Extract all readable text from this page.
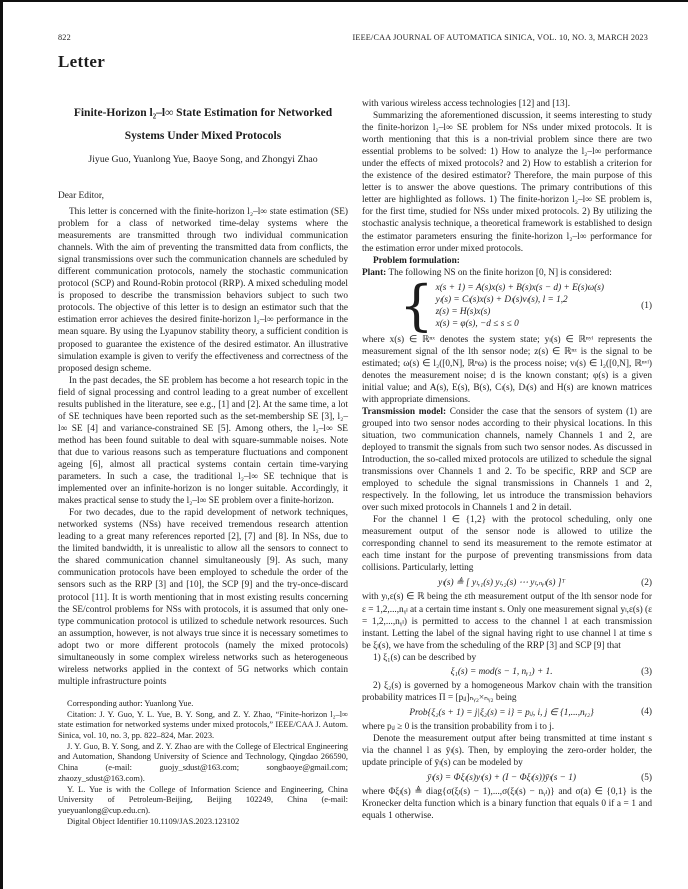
822	IEEE/CAA JOURNAL OF AUTOMATICA SINICA, VOL. 10, NO. 3, MARCH 2023
Letter
Finite-Horizon l₂–l∞ State Estimation for Networked
Systems Under Mixed Protocols
Jiyue Guo, Yuanlong Yue, Baoye Song, and Zhongyi Zhao
Dear Editor,

This letter is concerned with the finite-horizon l₂–l∞ state estimation (SE) problem for a class of networked time-delay systems where the measurements are transmitted through two individual communication channels. With the aim of preventing the transmitted data from conflicts, the signal transmissions over such the communication channels are scheduled by different communication protocols, namely the stochastic communication protocol (SCP) and Round-Robin protocol (RRP). A mixed scheduling model is proposed to describe the transmission behaviors subject to such two protocols. The objective of this letter is to design an estimator such that the estimation error achieves the desired finite-horizon l₂–l∞ performance in the mean square. By using the Lyapunov stability theory, a sufficient condition is proposed to guarantee the existence of the desired estimator. An illustrative simulation example is given to verify the effectiveness and correctness of the proposed design scheme.

In the past decades, the SE problem has become a hot research topic in the field of signal processing and control leading to a great number of excellent results published in the literature, see e.g., [1] and [2]. At the same time, a lot of SE techniques have been reported such as the set-membership SE [3], l₂–l∞ SE [4] and variance-constrained SE [5]. Among others, the l₂–l∞ SE method has been found suitable to deal with square-summable noises. Note that due to various reasons such as temperature fluctuations and component ageing [6], almost all practical systems contain certain time-varying parameters. In such a case, the traditional l₂–l∞ SE technique that is implemented over an infinite-horizon is no longer suitable. Accordingly, it makes practical sense to study the l₂–l∞ SE problem over a finite-horizon.

For two decades, due to the rapid development of network techniques, networked systems (NSs) have received tremendous research attention leading to a great many references reported [2], [7] and [8]. In NSs, due to the limited bandwidth, it is unrealistic to allow all the sensors to connect to the shared communication channel simultaneously [9]. As such, many communication protocols have been employed to schedule the order of the sensors such as the RRP [3] and [10], the SCP [9] and the try-once-discard protocol [11]. It is worth mentioning that in most existing results concerning the SE/control problems for NSs with protocols, it is assumed that only one-type communication protocol is utilized to schedule network resources. Such an assumption, however, is not always true since it is necessary sometimes to adopt two or more different protocols (namely the mixed protocols) simultaneously in some complex wireless networks such as heterogeneous wireless networks applied in the context of 5G networks which contain multiple infrastructure points

Corresponding author: Yuanlong Yue.

Citation: J. Y. Guo, Y. L. Yue, B. Y. Song, and Z. Y. Zhao, “Finite-horizon l₂–l∞ state estimation for networked systems under mixed protocols,” IEEE/CAA J. Autom. Sinica, vol. 10, no. 3, pp. 822–824, Mar. 2023.

J. Y. Guo, B. Y. Song, and Z. Y. Zhao are with the College of Electrical Engineering and Automation, Shandong University of Science and Technology, Qingdao 266590, China (e-mail: guojy_sdust@163.com; songbaoye@gmail.com; zhaozy_sdust@163.com).

Y. L. Yue is with the College of Information Science and Engineering, China University of Petroleum-Beijing, Beijing 102249, China (e-mail: yueyuanlong@cup.edu.cn).

Digital Object Identifier 10.1109/JAS.2023.123102

with various wireless access technologies [12] and [13].

Summarizing the aforementioned discussion, it seems interesting to study the finite-horizon l₂–l∞ SE problem for NSs under mixed protocols. It is worth mentioning that this is a non-trivial problem since there are two essential problems to be solved: 1) How to analyze the l₂–l∞ performance under the effects of mixed protocols? and 2) How to establish a criterion for the existence of the desired estimator? Therefore, the main purpose of this letter is to answer the above questions. The primary contributions of this letter are highlighted as follows. 1) The finite-horizon l₂–l∞ SE problem is, for the first time, studied for NSs under mixed protocols. 2) By utilizing the stochastic analysis technique, a theoretical framework is established to design the estimator parameters ensuring the finite-horizon l₂–l∞ performance for the estimation error under mixed protocols.

Problem formulation:

Plant: The following NS on the finite horizon [0, N] is considered:

{ x(s + 1) = A(s)x(s) + B(s)x(s − d) + E(s)ω(s)
yₗ(s) = Cₗ(s)x(s) + Dₗ(s)vₗ(s), l = 1,2
z(s) = H(s)x(s)
x(s) = φ(s), −d ≤ s ≤ 0
(1)

where x(s) ∈ ℝⁿˣ denotes the system state; yₗ(s) ∈ ℝⁿʸˡ represents the measurement signal of the lth sensor node; z(s) ∈ ℝⁿᶻ is the signal to be estimated; ω(s) ∈ l₂([0,N], ℝⁿω) is the process noise; vₗ(s) ∈ l₂([0,N], ℝⁿᵛˡ) denotes the measurement noise; d is the known constant; φ(s) is a given initial value; and A(s), E(s), B(s), Cₗ(s), Dₗ(s) and H(s) are known matrices with appropriate dimensions.

Transmission model: Consider the case that the sensors of system (1) are grouped into two sensor nodes according to their physical locations. In this situation, two communication channels, namely Channels 1 and 2, are deployed to transmit the signals from such two sensor nodes. As discussed in Introduction, the so-called mixed protocols are utilized to schedule the signal transmissions over Channels 1 and 2. To be specific, RRP and SCP are employed to schedule the signal transmissions in Channels 1 and 2, respectively. In the following, let us introduce the transmission behaviors over such mixed protocols in Channels 1 and 2 in detail.

For the channel l ∈ {1,2} with the protocol scheduling, only one measurement output of the sensor node is allowed to utilize the corresponding channel to send its measurement to the remote estimator at each time instant for the purpose of preventing transmissions from data collisions. Particularly, letting

yₗ(s) ≜ [ yₗ,₁(s) yₗ,₂(s) ⋯ yₗ,ₙᵧₗ(s) ]ᵀ	(2)

with yₗ,ε(s) ∈ ℝ being the εth measurement output of the lth sensor node for ε = 1,2,...,nᵧₗ at a certain time instant s. Only one measurement signal yₗ,ε(s) (ε = 1,2,...,nᵧₗ) is permitted to access to the channel l at each transmission instant. Letting the label of the signal having right to use channel l at time s be ξₗ(s), we have from the scheduling of the RRP [3] and SCP [9] that

1) ξ₁(s) can be described by

ξ₁(s) = mod(s − 1, nᵧ₁) + 1.	(3)

2) ξ₂(s) is governed by a homogeneous Markov chain with the transition probability matrices Π = [pᵢⱼ]ₙᵧ₂×ₙᵧ₂ being

Prob{ξ₂(s + 1) = j|ξ₂(s) = i} = pᵢⱼ, i, j ∈ {1,...,nᵧ₂}	(4)

where pᵢⱼ ≥ 0 is the transition probability from i to j.

Denote the measurement output after being transmitted at time instant s via the channel l as ȳₗ(s). Then, by employing the zero-order holder, the update principle of ȳₗ(s) can be modeled by

ȳₗ(s) = Φξₗ(s)yₗ(s) + (I − Φξₗ(s))ȳₗ(s − 1)	(5)

where Φξₗ(s) ≜ diag{σ(ξₗ(s) − 1),...,σ(ξₗ(s) − nᵧₗ)} and σ(a) ∈ {0,1} is the Kronecker delta function which is a binary function that equals 0 if a = 1 and equals 1 otherwise.
